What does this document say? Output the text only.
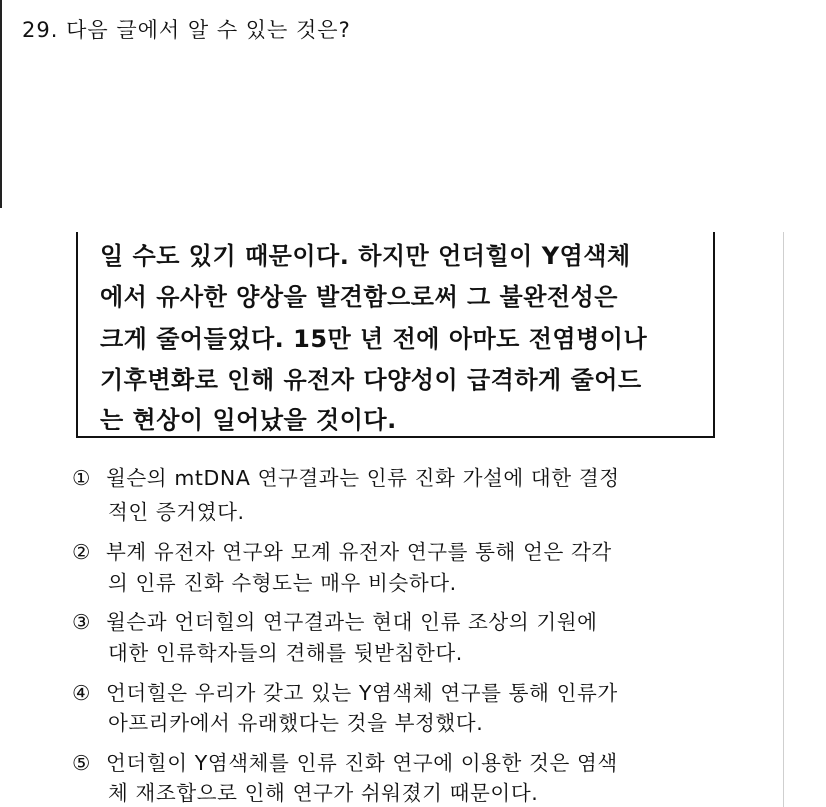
29. 다음 글에서 알 수 있는 것은?
일 수도 있기 때문이다. 하지만 언더힐이 Y염색체
에서 유사한 양상을 발견함으로써 그 불완전성은
크게 줄어들었다. 15만 년 전에 아마도 전염병이나
기후변화로 인해 유전자 다양성이 급격하게 줄어드
는 현상이 일어났을 것이다.
① 윌슨의 mtDNA 연구결과는 인류 진화 가설에 대한 결정
적인 증거였다.
② 부계 유전자 연구와 모계 유전자 연구를 통해 얻은 각각
의 인류 진화 수형도는 매우 비슷하다.
③ 윌슨과 언더힐의 연구결과는 현대 인류 조상의 기원에
대한 인류학자들의 견해를 뒷받침한다.
④ 언더힐은 우리가 갖고 있는 Y염색체 연구를 통해 인류가
아프리카에서 유래했다는 것을 부정했다.
⑤ 언더힐이 Y염색체를 인류 진화 연구에 이용한 것은 염색
체 재조합으로 인해 연구가 쉬워졌기 때문이다.
